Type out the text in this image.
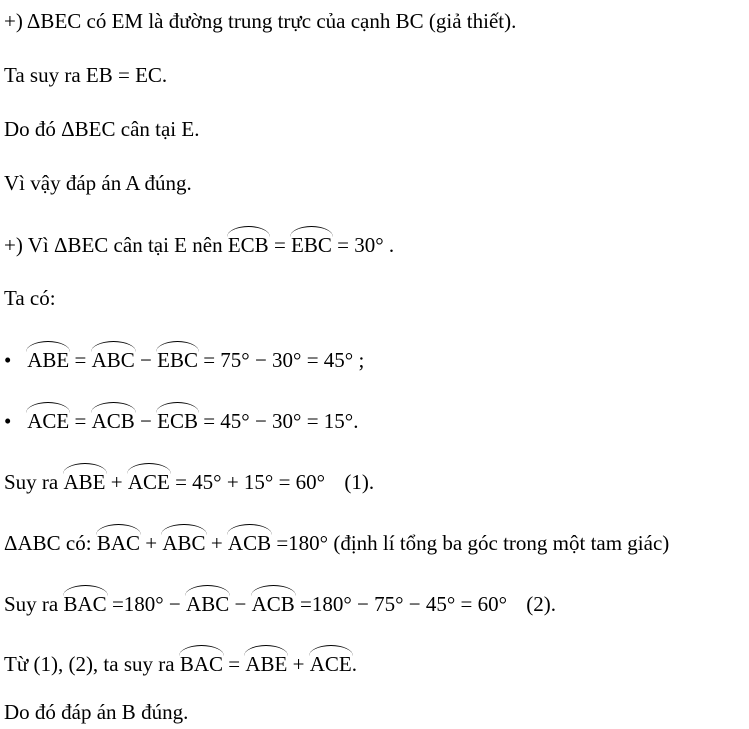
+) ΔBEC có EM là đường trung trực của cạnh BC (giả thiết).
Ta suy ra EB = EC.
Do đó ΔBEC cân tại E.
Vì vậy đáp án A đúng.
+) Vì ΔBEC cân tại E nên ECB = EBC = 30° .
Ta có:
• ABE = ABC − EBC = 75° − 30° = 45° ;
• ACE = ACB − ECB = 45° − 30° = 15°.
Suy ra ABE + ACE = 45° + 15° = 60° (1).
ΔABC có: BAC + ABC + ACB =180° (định lí tổng ba góc trong một tam giác)
Suy ra BAC =180° − ABC − ACB =180° − 75° − 45° = 60° (2).
Từ (1), (2), ta suy ra BAC = ABE + ACE.
Do đó đáp án B đúng.
